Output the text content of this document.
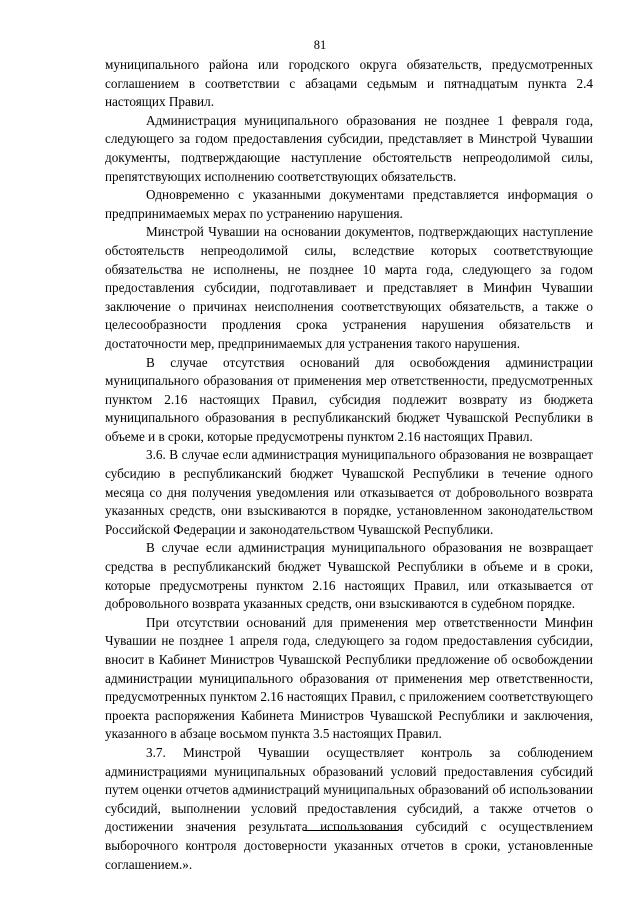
81

муниципального района или городского округа обязательств, предусмотренных соглашением в соответствии с абзацами седьмым и пятнадцатым пункта 2.4 настоящих Правил.

Администрация муниципального образования не позднее 1 февраля года, следующего за годом предоставления субсидии, представляет в Минстрой Чувашии документы, подтверждающие наступление обстоятельств непреодолимой силы, препятствующих исполнению соответствующих обязательств.

Одновременно с указанными документами представляется информация о предпринимаемых мерах по устранению нарушения.

Минстрой Чувашии на основании документов, подтверждающих наступление обстоятельств непреодолимой силы, вследствие которых соответствующие обязательства не исполнены, не позднее 10 марта года, следующего за годом предоставления субсидии, подготавливает и представляет в Минфин Чувашии заключение о причинах неисполнения соответствующих обязательств, а также о целесообразности продления срока устранения нарушения обязательств и достаточности мер, предпринимаемых для устранения такого нарушения.

В случае отсутствия оснований для освобождения администрации муниципального образования от применения мер ответственности, предусмотренных пунктом 2.16 настоящих Правил, субсидия подлежит возврату из бюджета муниципального образования в республиканский бюджет Чувашской Республики в объеме и в сроки, которые предусмотрены пунктом 2.16 настоящих Правил.

3.6. В случае если администрация муниципального образования не возвращает субсидию в республиканский бюджет Чувашской Республики в течение одного месяца со дня получения уведомления или отказывается от добровольного возврата указанных средств, они взыскиваются в порядке, установленном законодательством Российской Федерации и законодательством Чувашской Республики.

В случае если администрация муниципального образования не возвращает средства в республиканский бюджет Чувашской Республики в объеме и в сроки, которые предусмотрены пунктом 2.16 настоящих Правил, или отказывается от добровольного возврата указанных средств, они взыскиваются в судебном порядке.

При отсутствии оснований для применения мер ответственности Минфин Чувашии не позднее 1 апреля года, следующего за годом предоставления субсидии, вносит в Кабинет Министров Чувашской Республики предложение об освобождении администрации муниципального образования от применения мер ответственности, предусмотренных пунктом 2.16 настоящих Правил, с приложением соответствующего проекта распоряжения Кабинета Министров Чувашской Республики и заключения, указанного в абзаце восьмом пункта 3.5 настоящих Правил.

3.7. Минстрой Чувашии осуществляет контроль за соблюдением администрациями муниципальных образований условий предоставления субсидий путем оценки отчетов администраций муниципальных образований об использовании субсидий, выполнении условий предоставления субсидий, а также отчетов о достижении значения результата использования субсидий с осуществлением выборочного контроля достоверности указанных отчетов в сроки, установленные соглашением.».
